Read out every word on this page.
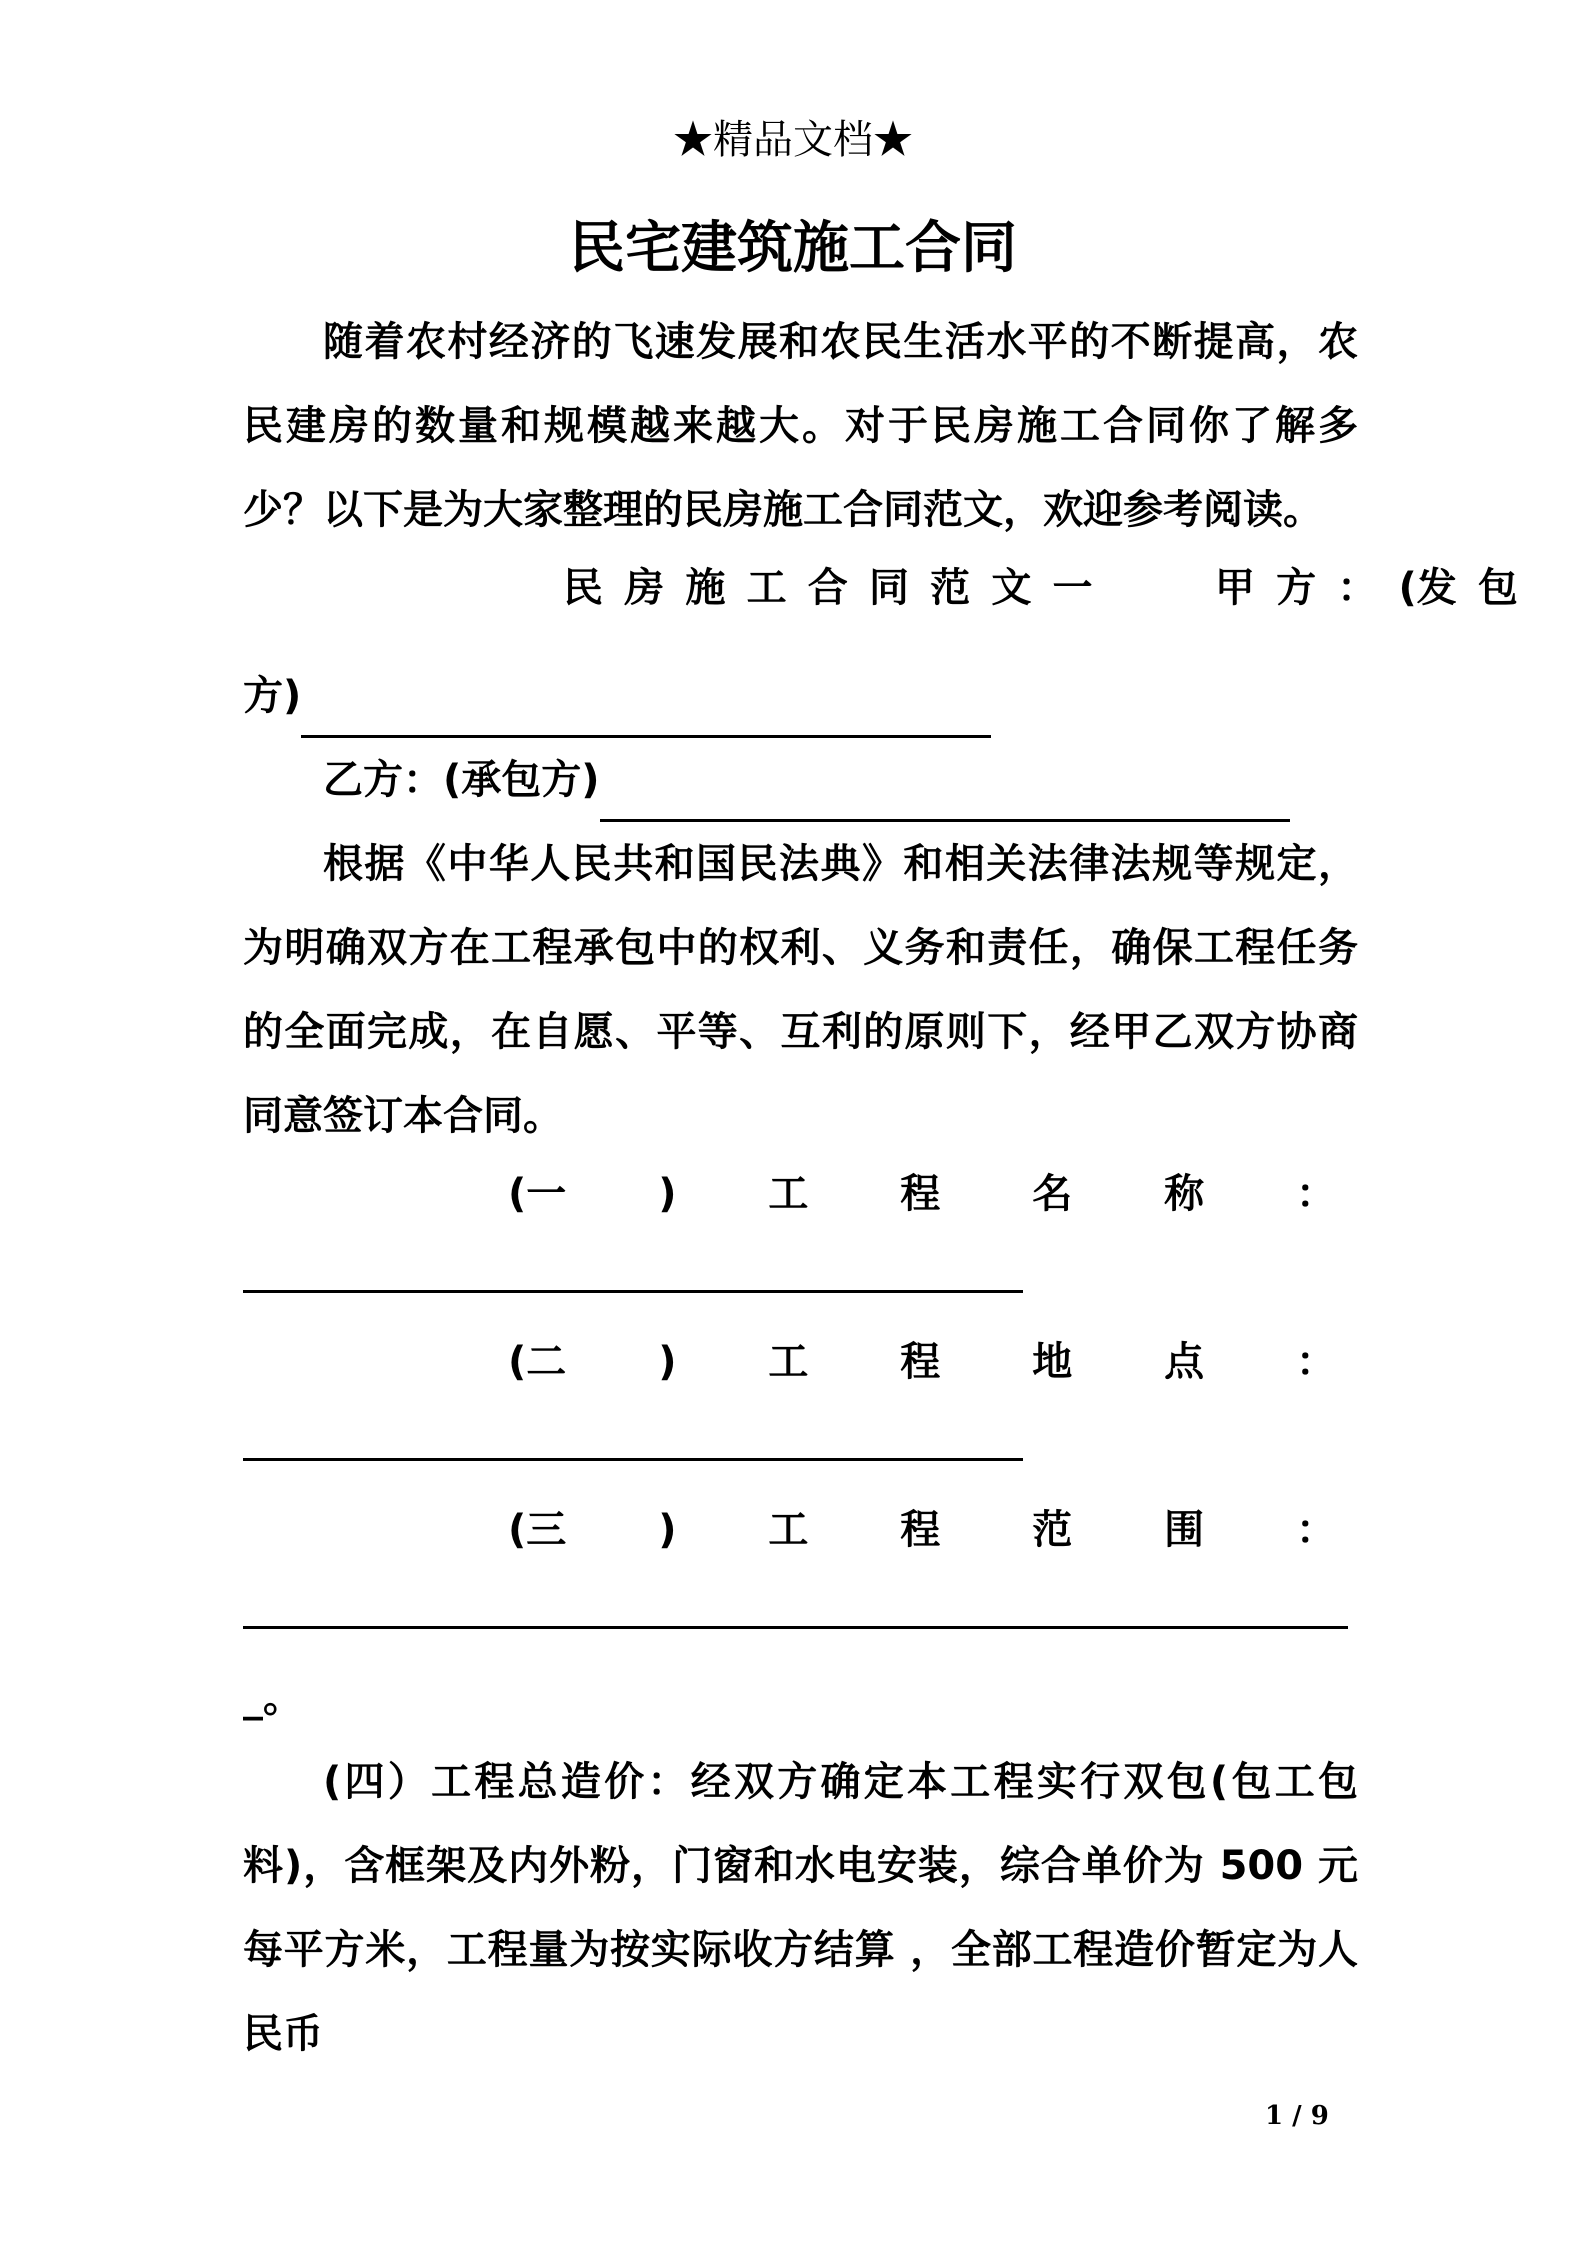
★精品文档★
民宅建筑施工合同
随着农村经济的飞速发展和农民生活水平的不断提高，农民建房的数量和规模越来越大。对于民房施工合同你了解多少？以下是为大家整理的民房施工合同范文，欢迎参考阅读。
民 房 施 工 合 同 范 文 一	甲 方 ： (发 包
方)
乙方：(承包方)
根据《中华人民共和国民法典》和相关法律法规等规定，为明确双方在工程承包中的权利、义务和责任，确保工程任务的全面完成，在自愿、平等、互利的原则下，经甲乙双方协商同意签订本合同。
(一 ) 工 程 名 称 ：
(二 ) 工 程 地 点 ：
(三 ) 工 程 范 围 ：
_。
(四）工程总造价：经双方确定本工程实行双包(包工包料)，含框架及内外粉，门窗和水电安装，综合单价为 500 元每平方米，工程量为按实际收方结算 ，全部工程造价暂定为人民币
1 / 9
